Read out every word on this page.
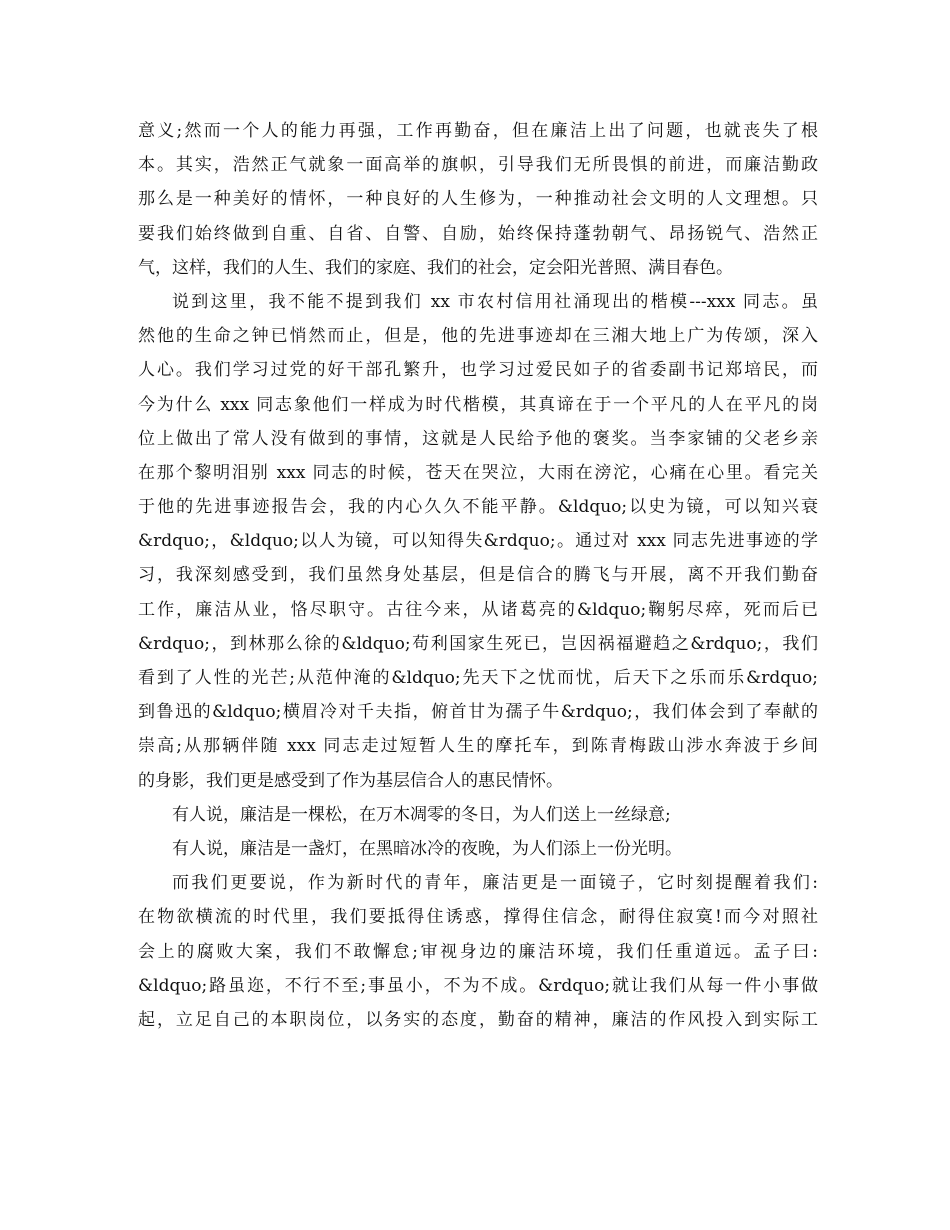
意义;然而一个人的能力再强，工作再勤奋，但在廉洁上出了问题，也就丧失了根
本。其实，浩然正气就象一面高举的旗帜，引导我们无所畏惧的前进，而廉洁勤政
那么是一种美好的情怀，一种良好的人生修为，一种推动社会文明的人文理想。只
要我们始终做到自重、自省、自警、自励，始终保持蓬勃朝气、昂扬锐气、浩然正
气，这样，我们的人生、我们的家庭、我们的社会，定会阳光普照、满目春色。
说到这里，我不能不提到我们 xx 市农村信用社涌现出的楷模---xxx 同志。虽
然他的生命之钟已悄然而止，但是，他的先进事迹却在三湘大地上广为传颂，深入
人心。我们学习过党的好干部孔繁升，也学习过爱民如子的省委副书记郑培民，而
今为什么 xxx 同志象他们一样成为时代楷模，其真谛在于一个平凡的人在平凡的岗
位上做出了常人没有做到的事情，这就是人民给予他的褒奖。当李家铺的父老乡亲
在那个黎明泪别 xxx 同志的时候，苍天在哭泣，大雨在滂沱，心痛在心里。看完关
于他的先进事迹报告会，我的内心久久不能平静。&ldquo;以史为镜，可以知兴衰
&rdquo;，&ldquo;以人为镜，可以知得失&rdquo;。通过对 xxx 同志先进事迹的学
习，我深刻感受到，我们虽然身处基层，但是信合的腾飞与开展，离不开我们勤奋
工作，廉洁从业，恪尽职守。古往今来，从诸葛亮的&ldquo;鞠躬尽瘁，死而后已
&rdquo;，到林那么徐的&ldquo;苟利国家生死已，岂因祸福避趋之&rdquo;，我们
看到了人性的光芒;从范仲淹的&ldquo;先天下之忧而忧，后天下之乐而乐&rdquo;
到鲁迅的&ldquo;横眉冷对千夫指，俯首甘为孺子牛&rdquo;，我们体会到了奉献的
崇高;从那辆伴随 xxx 同志走过短暂人生的摩托车，到陈青梅跋山涉水奔波于乡间
的身影，我们更是感受到了作为基层信合人的惠民情怀。
有人说，廉洁是一棵松，在万木凋零的冬日，为人们送上一丝绿意;
有人说，廉洁是一盏灯，在黑暗冰冷的夜晚，为人们添上一份光明。
而我们更要说，作为新时代的青年，廉洁更是一面镜子，它时刻提醒着我们:
在物欲横流的时代里，我们要抵得住诱惑，撑得住信念，耐得住寂寞!而今对照社
会上的腐败大案，我们不敢懈怠;审视身边的廉洁环境，我们任重道远。孟子曰:
&ldquo;路虽迩，不行不至;事虽小，不为不成。&rdquo;就让我们从每一件小事做
起，立足自己的本职岗位，以务实的态度，勤奋的精神，廉洁的作风投入到实际工
